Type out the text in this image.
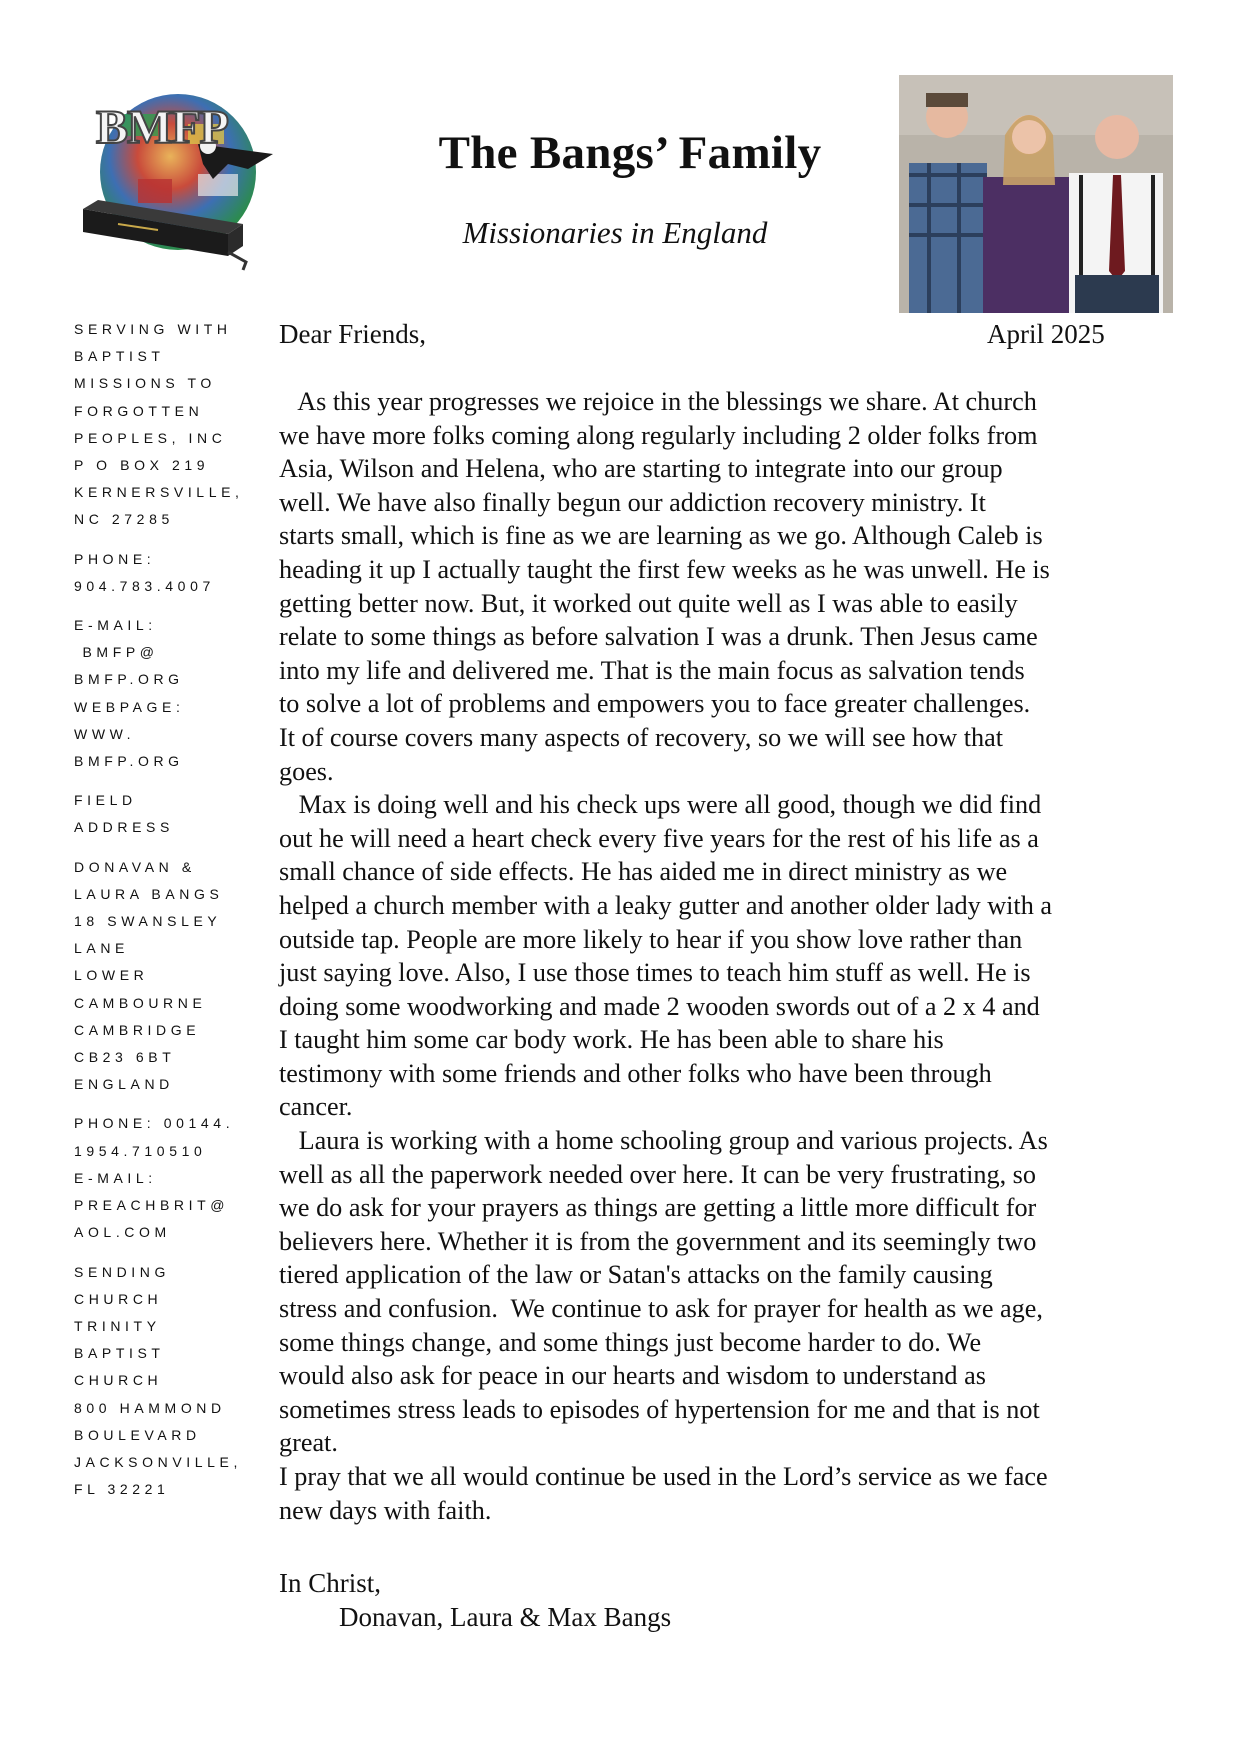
BMFP	The Bangs’ Family
Missionaries in England
SERVING WITH
BAPTIST
MISSIONS TO
FORGOTTEN
PEOPLES, INC
P O BOX 219
KERNERSVILLE,
NC 27285
PHONE:
904.783.4007
E-MAIL:
BMFP@
BMFP.ORG
WEBPAGE:
WWW.
BMFP.ORG
FIELD
ADDRESS
DONAVAN &
LAURA BANGS
18 SWANSLEY
LANE
LOWER
CAMBOURNE
CAMBRIDGE
CB23 6BT
ENGLAND
PHONE: 00144.
1954.710510
E-MAIL:
PREACHBRIT@
AOL.COM
SENDING
CHURCH
TRINITY
BAPTIST
CHURCH
800 HAMMOND
BOULEVARD
JACKSONVILLE,
FL 32221
Dear Friends,	April 2025
As this year progresses we rejoice in the blessings we share. At church
we have more folks coming along regularly including 2 older folks from
Asia, Wilson and Helena, who are starting to integrate into our group
well. We have also finally begun our addiction recovery ministry. It
starts small, which is fine as we are learning as we go. Although Caleb is
heading it up I actually taught the first few weeks as he was unwell. He is
getting better now. But, it worked out quite well as I was able to easily
relate to some things as before salvation I was a drunk. Then Jesus came
into my life and delivered me. That is the main focus as salvation tends
to solve a lot of problems and empowers you to face greater challenges.
It of course covers many aspects of recovery, so we will see how that
goes.
Max is doing well and his check ups were all good, though we did find
out he will need a heart check every five years for the rest of his life as a
small chance of side effects. He has aided me in direct ministry as we
helped a church member with a leaky gutter and another older lady with a
outside tap. People are more likely to hear if you show love rather than
just saying love. Also, I use those times to teach him stuff as well. He is
doing some woodworking and made 2 wooden swords out of a 2 x 4 and
I taught him some car body work. He has been able to share his
testimony with some friends and other folks who have been through
cancer.
Laura is working with a home schooling group and various projects. As
well as all the paperwork needed over here. It can be very frustrating, so
we do ask for your prayers as things are getting a little more difficult for
believers here. Whether it is from the government and its seemingly two
tiered application of the law or Satan's attacks on the family causing
stress and confusion.  We continue to ask for prayer for health as we age,
some things change, and some things just become harder to do. We
would also ask for peace in our hearts and wisdom to understand as
sometimes stress leads to episodes of hypertension for me and that is not
great.
I pray that we all would continue be used in the Lord’s service as we face
new days with faith.
In Christ,
Donavan, Laura & Max Bangs
